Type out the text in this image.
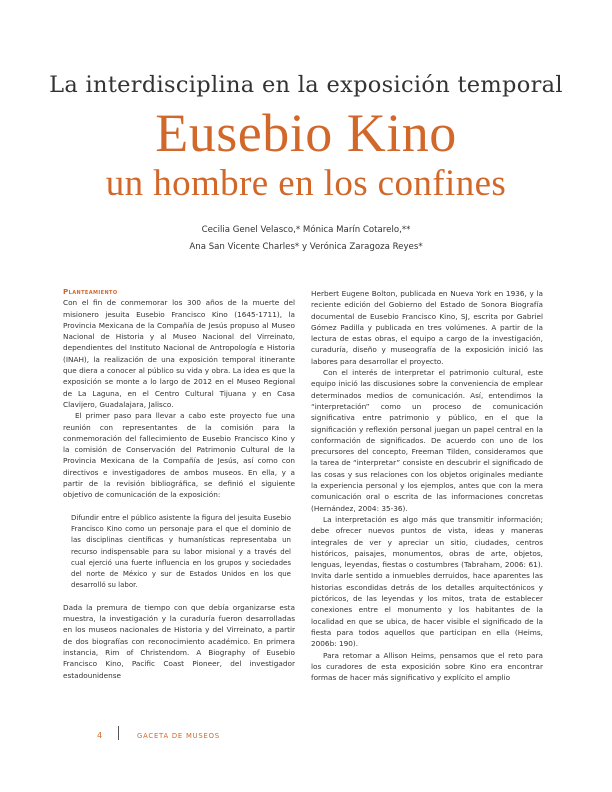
La interdisciplina en la exposición temporal
Eusebio Kino
un hombre en los confines
Cecilia Genel Velasco,* Mónica Marín Cotarelo,**
Ana San Vicente Charles* y Verónica Zaragoza Reyes*
Planteamiento

Con el fin de conmemorar los 300 años de la muerte del misionero jesuita Eusebio Francisco Kino (1645-1711), la Provincia Mexicana de la Compañía de Jesús propuso al Museo Nacional de Historia y al Museo Nacional del Virreinato, dependientes del Instituto Nacional de Antropología e Historia (INAH), la realización de una exposición temporal itinerante que diera a conocer al público su vida y obra. La idea es que la exposición se monte a lo largo de 2012 en el Museo Regional de La Laguna, en el Centro Cultural Tijuana y en Casa Clavijero, Guadalajara, Jalisco.

El primer paso para llevar a cabo este proyecto fue una reunión con representantes de la comisión para la conmemoración del fallecimiento de Eusebio Francisco Kino y la comisión de Conservación del Patrimonio Cultural de la Provincia Mexicana de la Compañía de Jesús, así como con directivos e investigadores de ambos museos. En ella, y a partir de la revisión bibliográfica, se definió el siguiente objetivo de comunicación de la exposición:

Difundir entre el público asistente la figura del jesuita Eusebio Francisco Kino como un personaje para el que el dominio de las disciplinas científicas y humanísticas representaba un recurso indispensable para su labor misional y a través del cual ejerció una fuerte influencia en los grupos y sociedades del norte de México y sur de Estados Unidos en los que desarrolló su labor.

Dada la premura de tiempo con que debía organizarse esta muestra, la investigación y la curaduría fueron desarrolladas en los museos nacionales de Historia y del Virreinato, a partir de dos biografías con reconocimiento académico. En primera instancia, Rim of Christendom. A Biography of Eusebio Francisco Kino, Pacific Coast Pioneer, del investigador estadounidense

Herbert Eugene Bolton, publicada en Nueva York en 1936, y la reciente edición del Gobierno del Estado de Sonora Biografía documental de Eusebio Francisco Kino, SJ, escrita por Gabriel Gómez Padilla y publicada en tres volúmenes. A partir de la lectura de estas obras, el equipo a cargo de la investigación, curaduría, diseño y museografía de la exposición inició las labores para desarrollar el proyecto.

Con el interés de interpretar el patrimonio cultural, este equipo inició las discusiones sobre la conveniencia de emplear determinados medios de comunicación. Así, entendimos la “interpretación” como un proceso de comunicación significativa entre patrimonio y público, en el que la significación y reflexión personal juegan un papel central en la conformación de significados. De acuerdo con uno de los precursores del concepto, Freeman Tilden, consideramos que la tarea de “interpretar” consiste en descubrir el significado de las cosas y sus relaciones con los objetos originales mediante la experiencia personal y los ejemplos, antes que con la mera comunicación oral o escrita de las informaciones concretas (Hernández, 2004: 35-36).

La interpretación es algo más que transmitir información; debe ofrecer nuevos puntos de vista, ideas y maneras integrales de ver y apreciar un sitio, ciudades, centros históricos, paisajes, monumentos, obras de arte, objetos, lenguas, leyendas, fiestas o costumbres (Tabraham, 2006: 61). Invita darle sentido a inmuebles derruidos, hace aparentes las historias escondidas detrás de los detalles arquitectónicos y pictóricos, de las leyendas y los mitos, trata de establecer conexiones entre el monumento y los habitantes de la localidad en que se ubica, de hacer visible el significado de la fiesta para todos aquellos que participan en ella (Heims, 2006b: 190).

Para retomar a Allison Heims, pensamos que el reto para los curadores de esta exposición sobre Kino era encontrar formas de hacer más significativo y explícito el amplio

4	GACETA DE MUSEOS
